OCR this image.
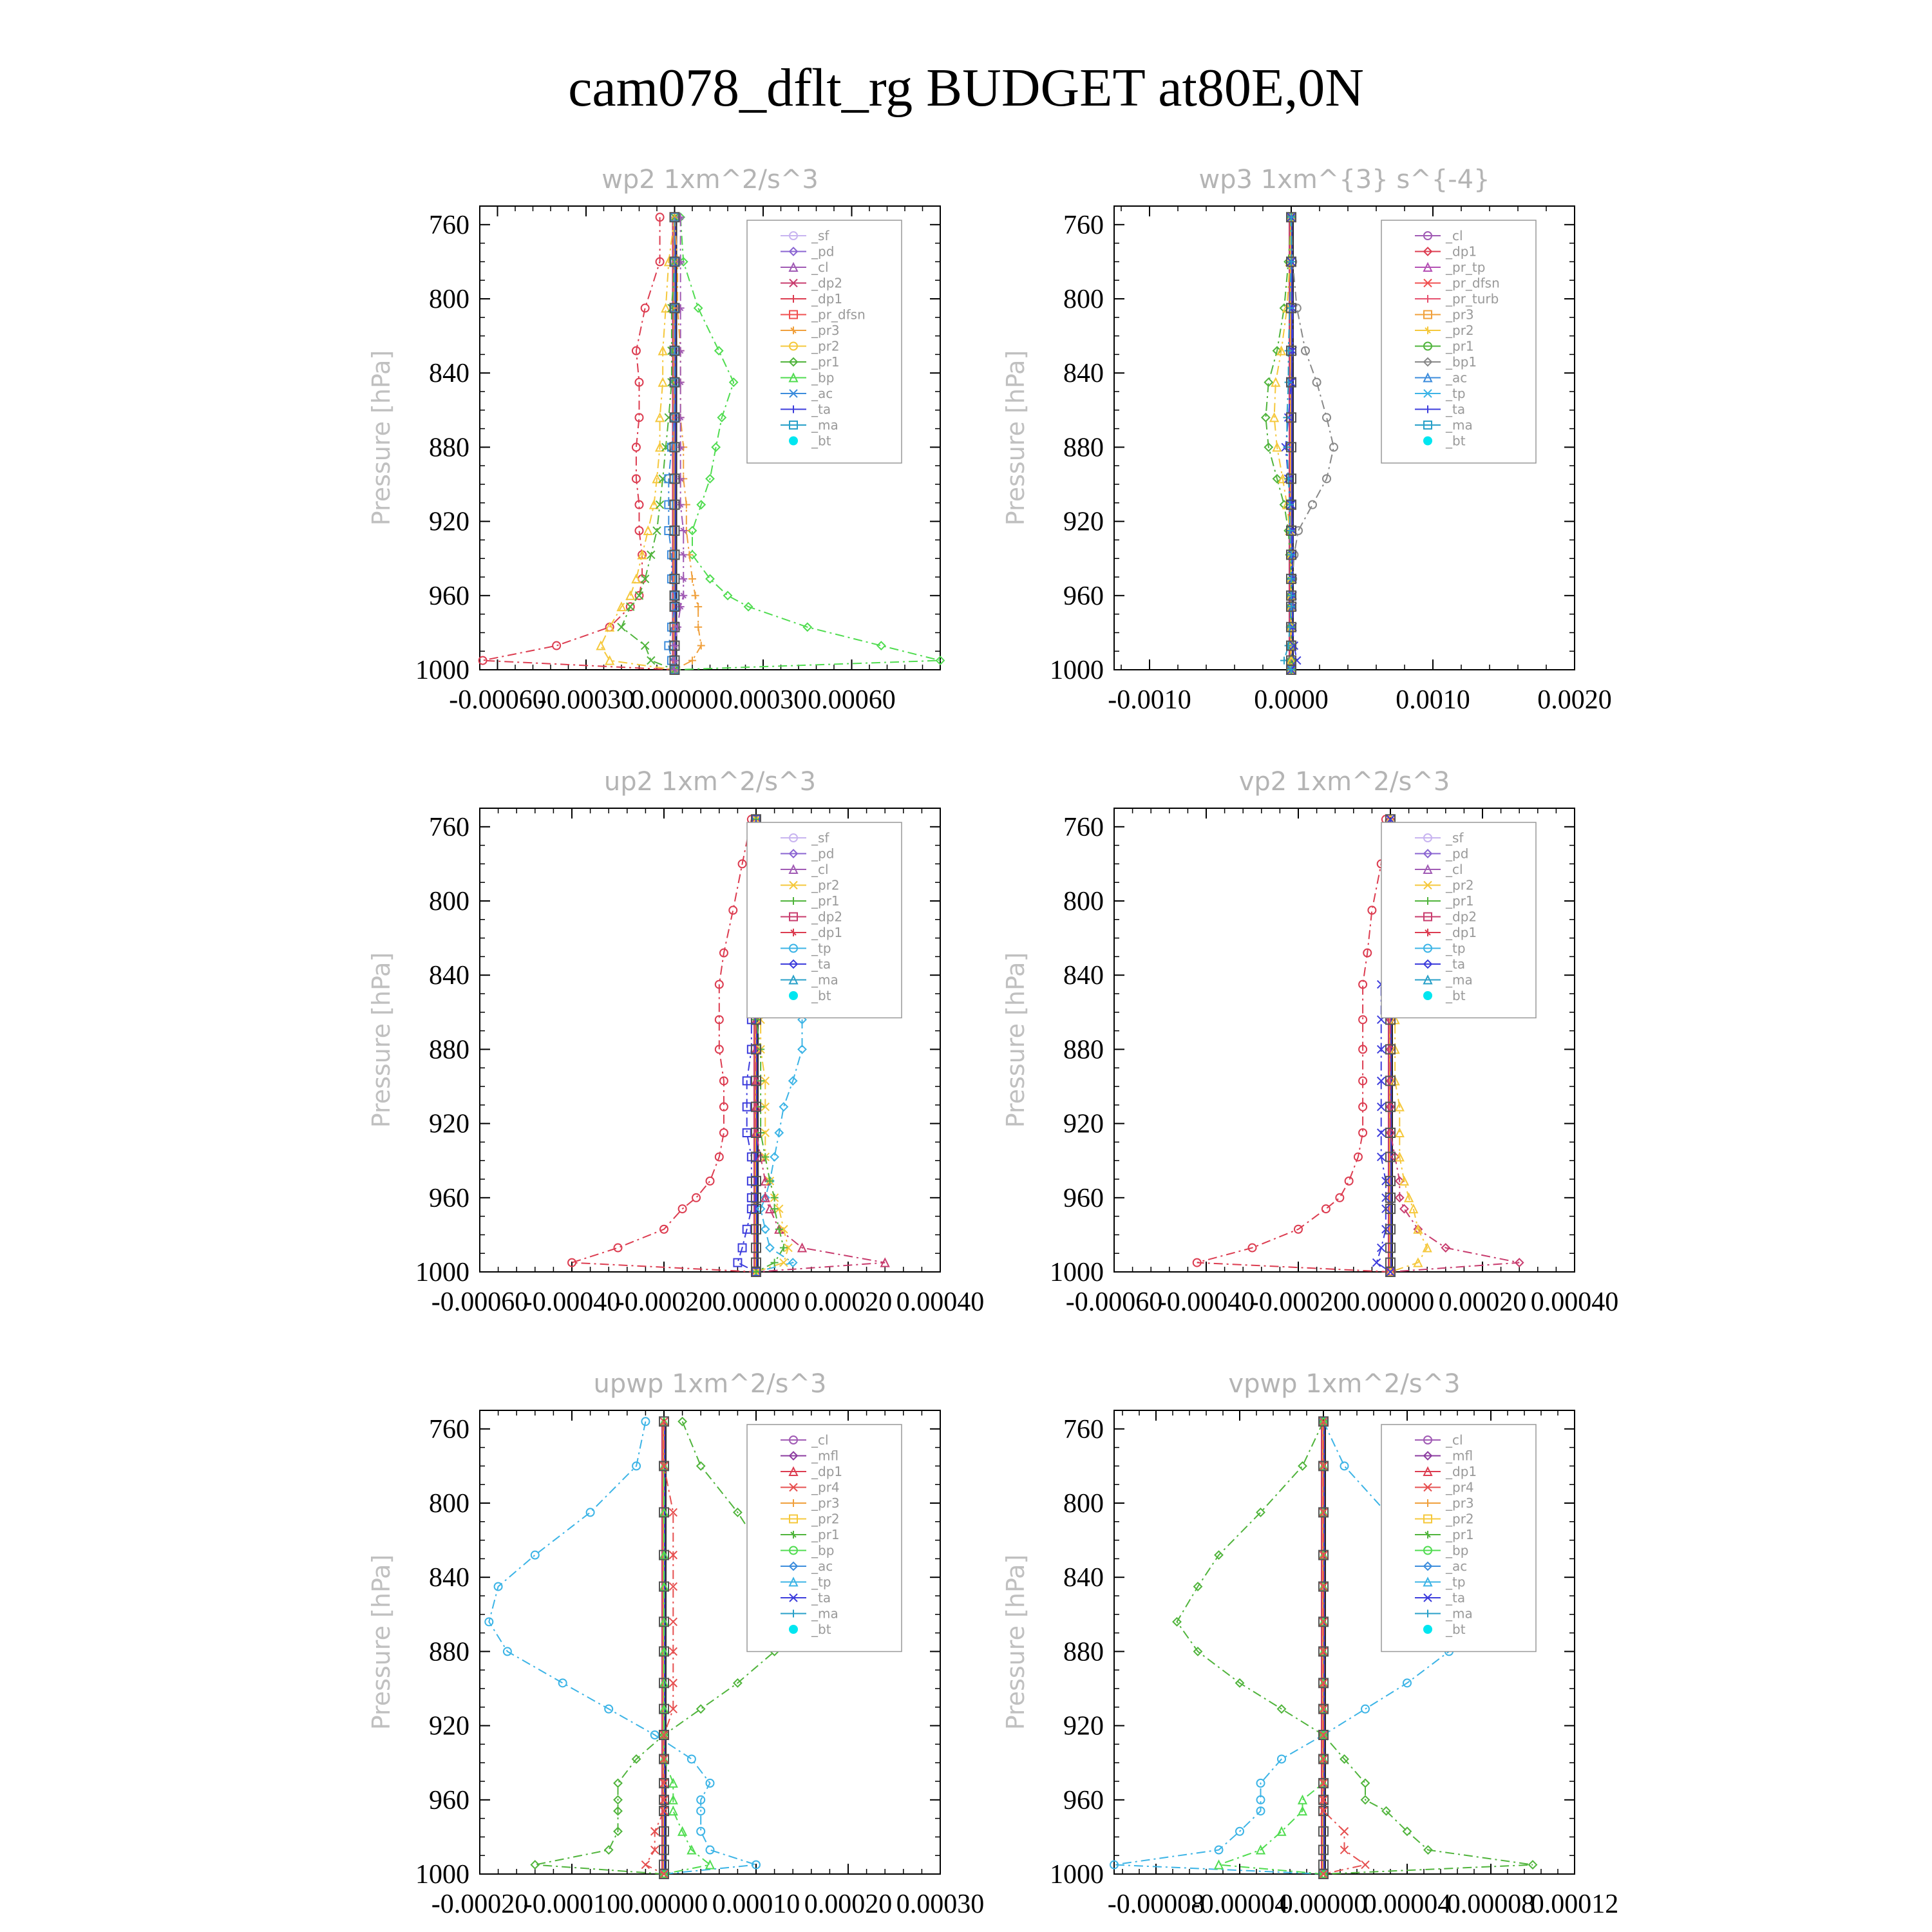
cam078_dflt_rg BUDGET at80E,0N
wp2 1xm^2/s^3
Pressure [hPa]
760
800
840
880
920
960
1000
-0.00060
-0.00030
0.00000 0.00030 0.00060
_sf
_pd
_cl
_dp2
_dp1
_pr_dfsn
_pr3
_pr2
_pr1
_bp
_ac
_ta
_ma
_bt
wp3 1xm^{3} s^{-4}
Pressure [hPa]
760
800
840
880
920
960
1000
-0.0010 0.0000 0.0010 0.0020
_cl
_dp1
_pr_tp
_pr_dfsn
_pr_turb
_pr3
_pr2
_pr1
_bp1
_ac
_tp
_ta
_ma
_bt
up2 1xm^2/s^3
Pressure [hPa]
760
800
840
880
920
960
1000
-0.00060
-0.00040
-0.00020 0.00000 0.00020 0.00040
_sf
_pd
_cl
_pr2
_pr1
_dp2
_dp1
_tp
_ta
_ma
_bt
vp2 1xm^2/s^3
Pressure [hPa]
760
800
840
880
920
960
1000
-0.00060
-0.00040
-0.00020 0.00000 0.00020 0.00040
_sf
_pd
_cl
_pr2
_pr1
_dp2
_dp1
_tp
_ta
_ma
_bt
upwp 1xm^2/s^3
Pressure [hPa]
760
800
840
880
920
960
1000
-0.00020
-0.00010 0.00000 0.00010 0.00020 0.00030
_cl
_mfl
_dp1
_pr4
_pr3
_pr2
_pr1
_bp
_ac
_tp
_ta
_ma
_bt
vpwp 1xm^2/s^3
Pressure [hPa]
760
800
840
880
920
960
1000
-0.00008
-0.00004
0.00000
0.00004
0.00008
0.00012
_cl
_mfl
_dp1
_pr4
_pr3
_pr2
_pr1
_bp
_ac
_tp
_ta
_ma
_bt
